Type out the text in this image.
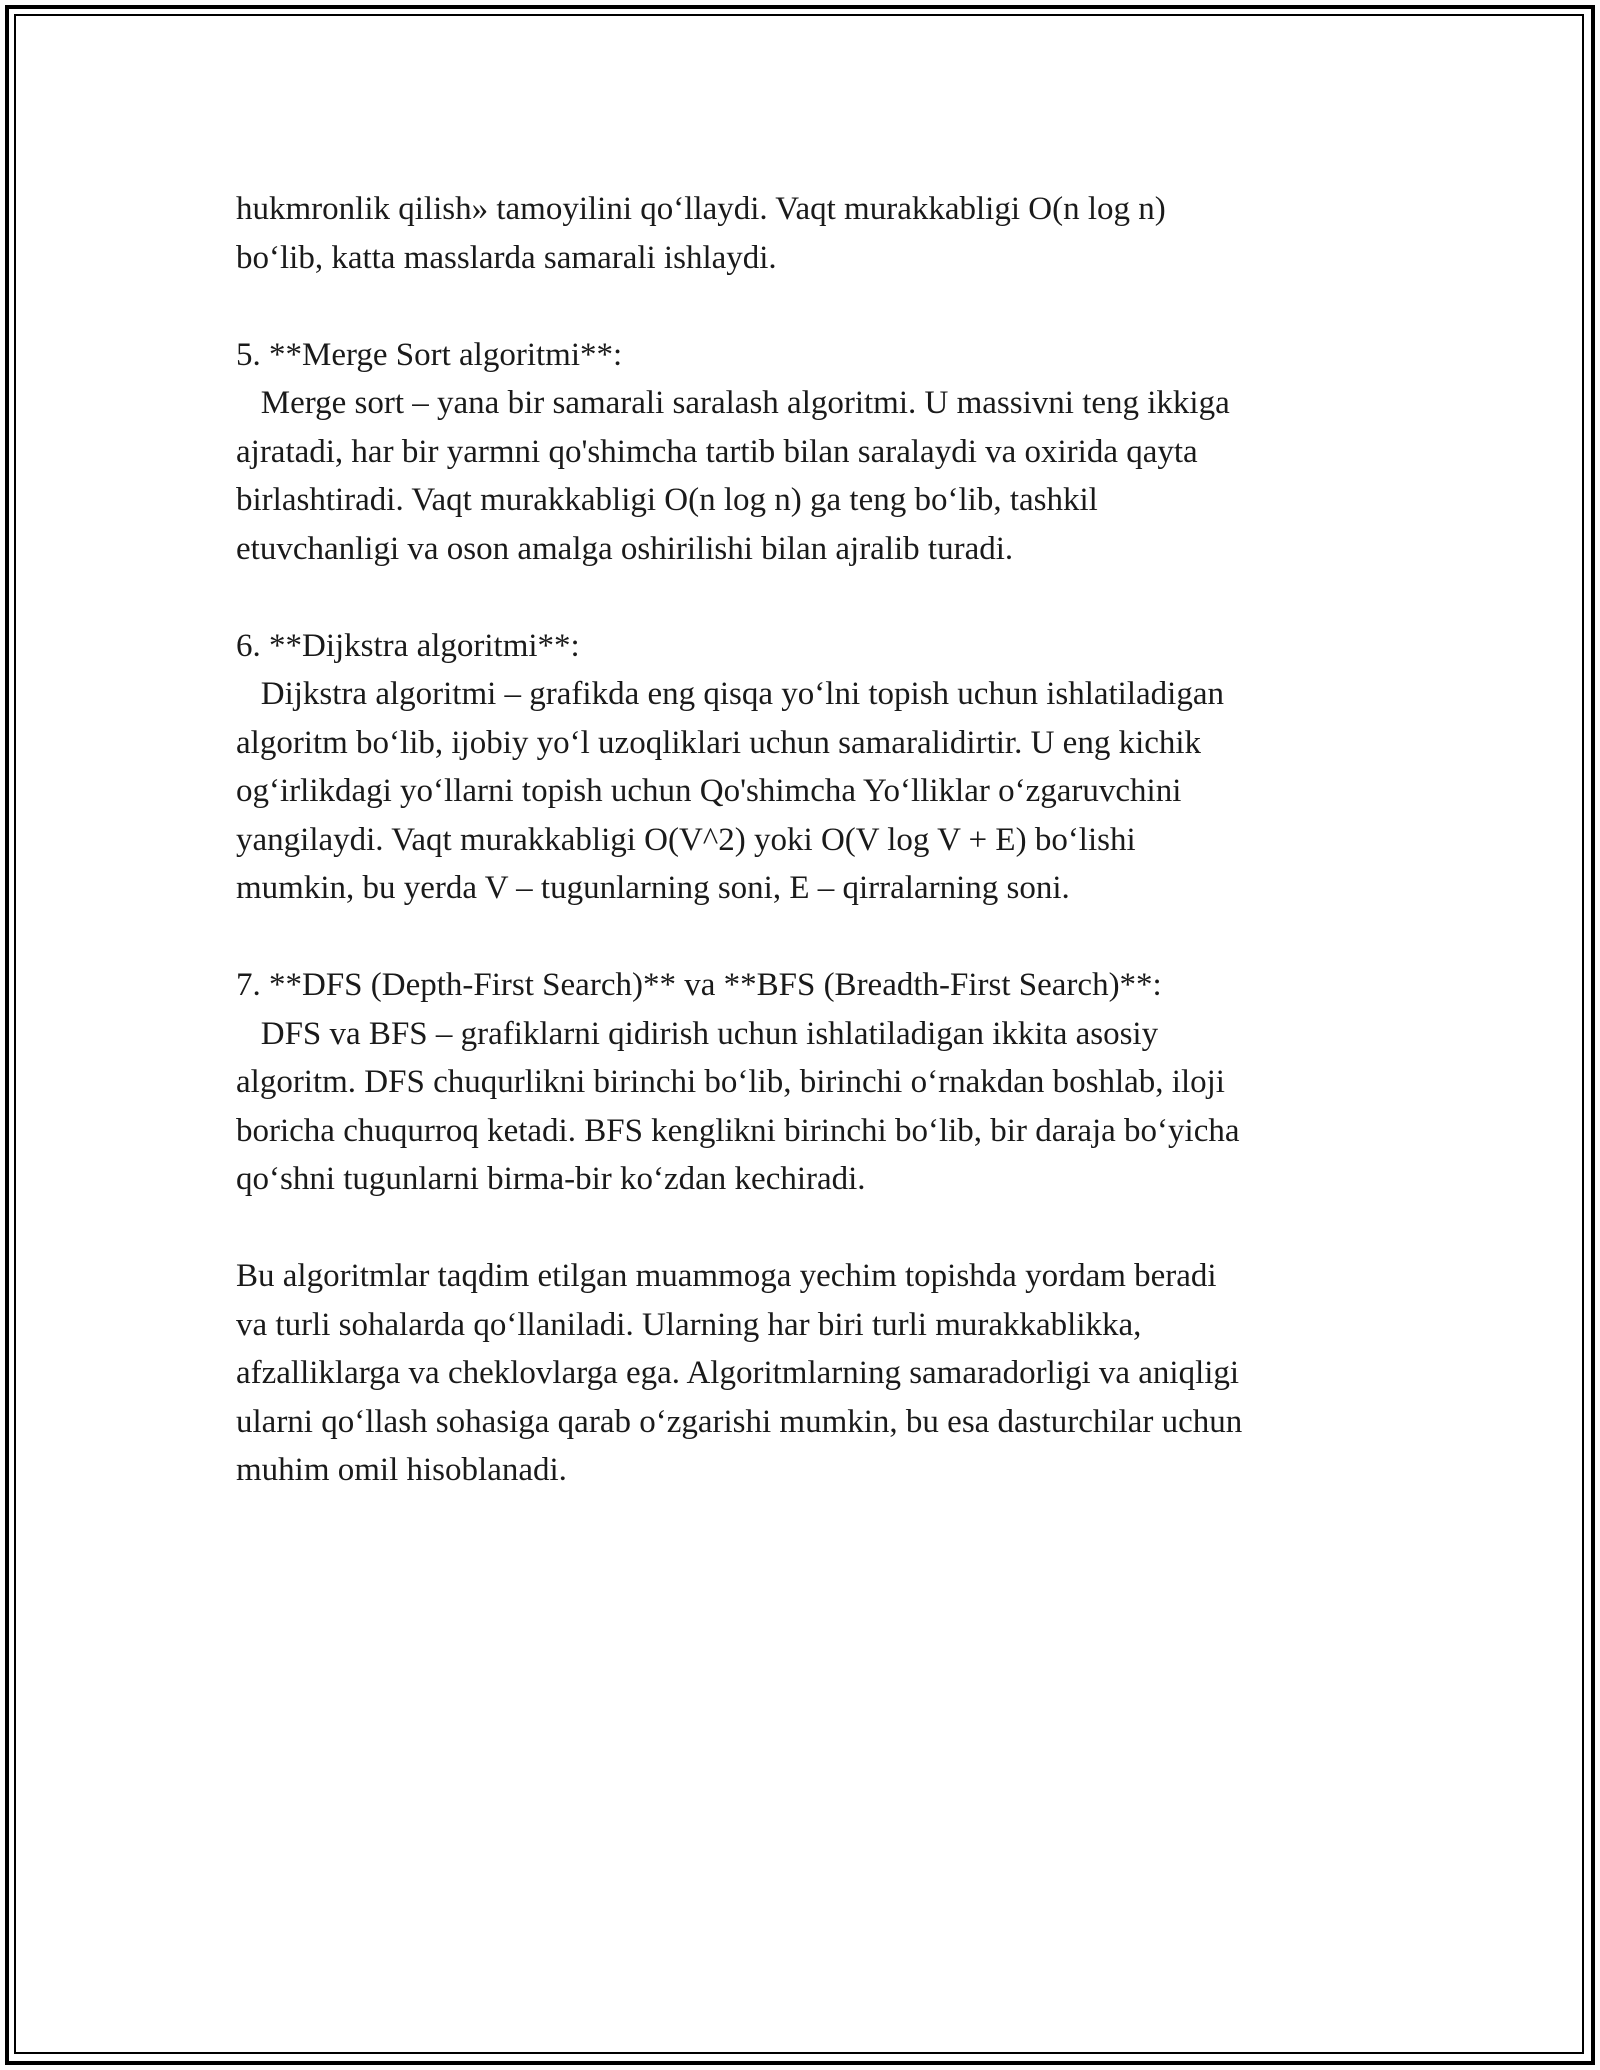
hukmronlik qilish» tamoyilini qo‘llaydi. Vaqt murakkabligi O(n log n)
bo‘lib, katta masslarda samarali ishlaydi.

5. **Merge Sort algoritmi**:
Merge sort – yana bir samarali saralash algoritmi. U massivni teng ikkiga
ajratadi, har bir yarmni qo'shimcha tartib bilan saralaydi va oxirida qayta
birlashtiradi. Vaqt murakkabligi O(n log n) ga teng bo‘lib, tashkil
etuvchanligi va oson amalga oshirilishi bilan ajralib turadi.

6. **Dijkstra algoritmi**:
Dijkstra algoritmi – grafikda eng qisqa yo‘lni topish uchun ishlatiladigan
algoritm bo‘lib, ijobiy yo‘l uzoqliklari uchun samaralidirtir. U eng kichik
og‘irlikdagi yo‘llarni topish uchun Qo'shimcha Yo‘lliklar o‘zgaruvchini
yangilaydi. Vaqt murakkabligi O(V^2) yoki O(V log V + E) bo‘lishi
mumkin, bu yerda V – tugunlarning soni, E – qirralarning soni.

7. **DFS (Depth-First Search)** va **BFS (Breadth-First Search)**:
DFS va BFS – grafiklarni qidirish uchun ishlatiladigan ikkita asosiy
algoritm. DFS chuqurlikni birinchi bo‘lib, birinchi o‘rnakdan boshlab, iloji
boricha chuqurroq ketadi. BFS kenglikni birinchi bo‘lib, bir daraja bo‘yicha
qo‘shni tugunlarni birma-bir ko‘zdan kechiradi.

Bu algoritmlar taqdim etilgan muammoga yechim topishda yordam beradi
va turli sohalarda qo‘llaniladi. Ularning har biri turli murakkablikka,
afzalliklarga va cheklovlarga ega. Algoritmlarning samaradorligi va aniqligi
ularni qo‘llash sohasiga qarab o‘zgarishi mumkin, bu esa dasturchilar uchun
muhim omil hisoblanadi.
